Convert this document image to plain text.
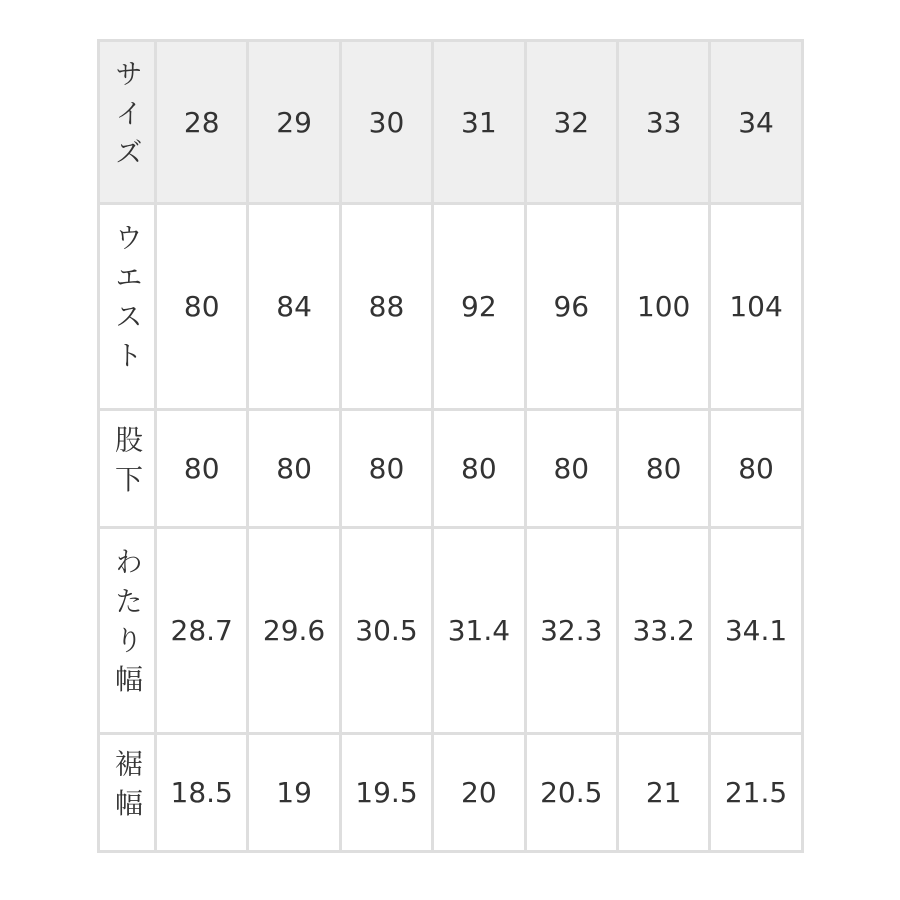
サイズ	28	29	30	31	32	33	34
ウエスト	80	84	88	92	96	100	104
股下	80	80	80	80	80	80	80
わたり幅	28.7	29.6	30.5	31.4	32.3	33.2	34.1
裾幅	18.5	19	19.5	20	20.5	21	21.5
